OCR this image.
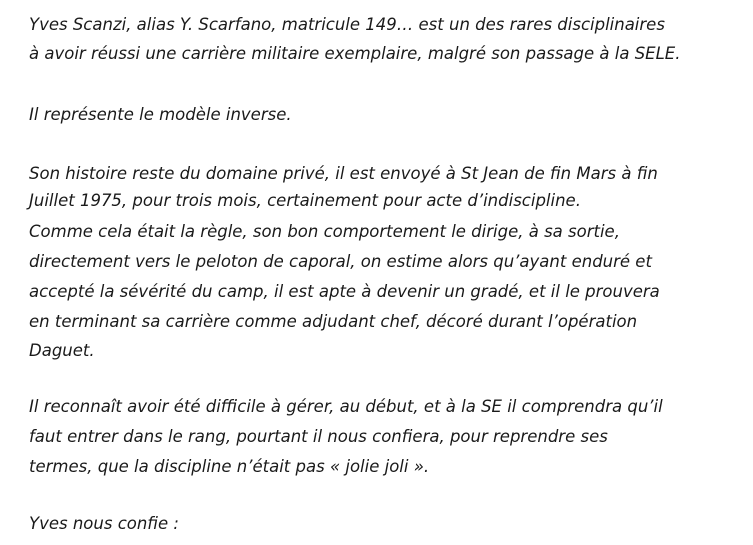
Yves Scanzi, alias Y. Scarfano, matricule 149… est un des rares disciplinaires

à avoir réussi une carrière militaire exemplaire, malgré son passage à la SELE.

Il représente le modèle inverse.

Son histoire reste du domaine privé, il est envoyé à St Jean de fin Mars à fin

Juillet 1975, pour trois mois, certainement pour acte d’indiscipline.

Comme cela était la règle, son bon comportement le dirige, à sa sortie,

directement vers le peloton de caporal, on estime alors qu’ayant enduré et

accepté la sévérité du camp, il est apte à devenir un gradé, et il le prouvera

en terminant sa carrière comme adjudant chef, décoré durant l’opération

Daguet.

Il reconnaît avoir été difficile à gérer, au début, et à la SE il comprendra qu’il

faut entrer dans le rang, pourtant il nous confiera, pour reprendre ses

termes, que la discipline n’était pas « jolie joli ».

Yves nous confie :
